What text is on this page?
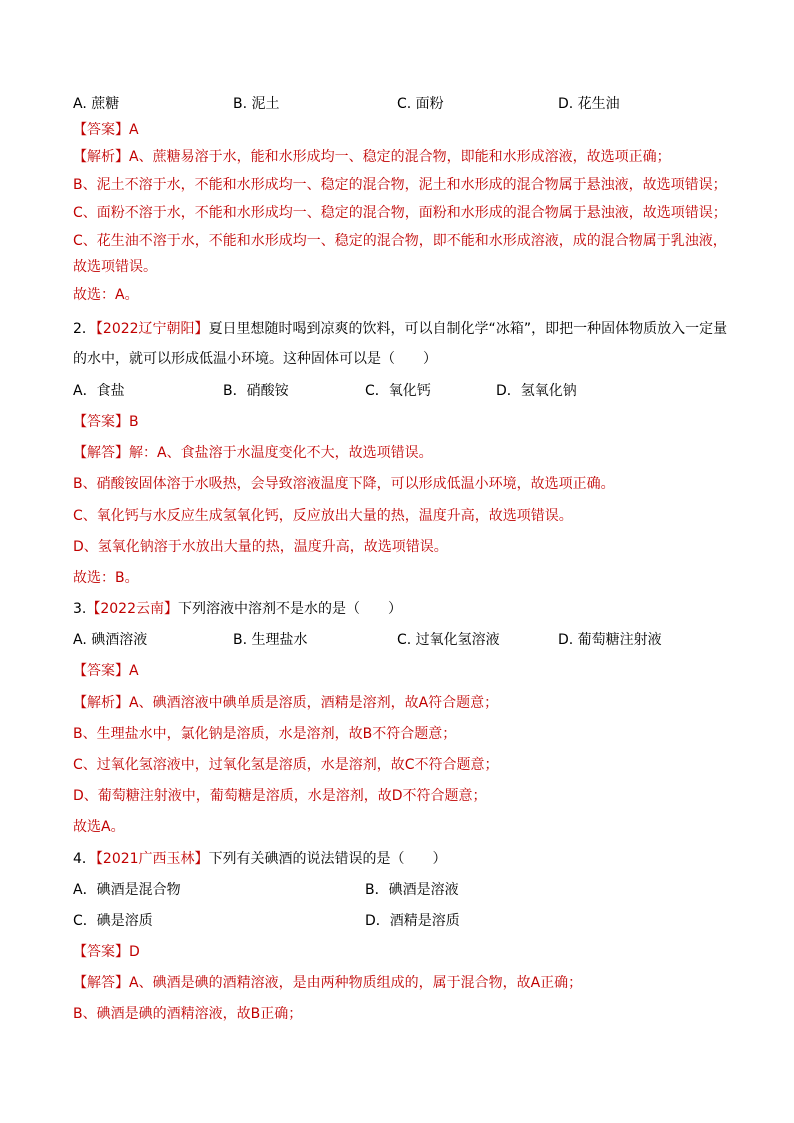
A. 蔗糖	B. 泥土	C. 面粉	D. 花生油
【答案】A
【解析】A、蔗糖易溶于水，能和水形成均一、稳定的混合物，即能和水形成溶液，故选项正确；
B、泥土不溶于水，不能和水形成均一、稳定的混合物，泥土和水形成的混合物属于悬浊液，故选项错误；
C、面粉不溶于水，不能和水形成均一、稳定的混合物，面粉和水形成的混合物属于悬浊液，故选项错误；
C、花生油不溶于水，不能和水形成均一、稳定的混合物，即不能和水形成溶液，成的混合物属于乳浊液，
故选项错误。
故选：A。
2．【2022辽宁朝阳】夏日里想随时喝到凉爽的饮料，可以自制化学“冰箱”，即把一种固体物质放入一定量
的水中，就可以形成低温小环境。这种固体可以是（　　）
A．食盐	B．硝酸铵	C．氧化钙	D．氢氧化钠
【答案】B
【解答】解：A、食盐溶于水温度变化不大，故选项错误。
B、硝酸铵固体溶于水吸热，会导致溶液温度下降，可以形成低温小环境，故选项正确。
C、氧化钙与水反应生成氢氧化钙，反应放出大量的热，温度升高，故选项错误。
D、氢氧化钠溶于水放出大量的热，温度升高，故选项错误。
故选：B。
3.【2022云南】下列溶液中溶剂不是水的是（　　）
A. 碘酒溶液	B. 生理盐水	C. 过氧化氢溶液	D. 葡萄糖注射液
【答案】A
【解析】A、碘酒溶液中碘单质是溶质，酒精是溶剂，故A符合题意；
B、生理盐水中，氯化钠是溶质，水是溶剂，故B不符合题意；
C、过氧化氢溶液中，过氧化氢是溶质，水是溶剂，故C不符合题意；
D、葡萄糖注射液中，葡萄糖是溶质，水是溶剂，故D不符合题意；
故选A。
4．【2021广西玉林】下列有关碘酒的说法错误的是（　　）
A．碘酒是混合物	B．碘酒是溶液
C．碘是溶质	D．酒精是溶质
【答案】D
【解答】A、碘酒是碘的酒精溶液，是由两种物质组成的，属于混合物，故A正确；
B、碘酒是碘的酒精溶液，故B正确；
